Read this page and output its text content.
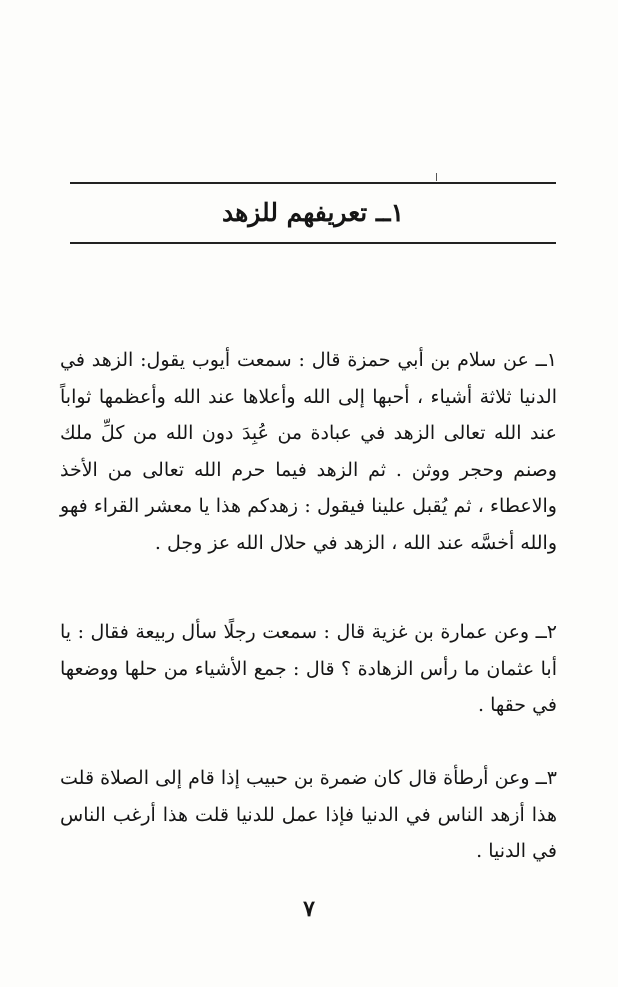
١ــ تعريفهم للزهد

١ــ عن سلام بن أبي حمزة قال : سمعت أيوب يقول: الزهد في الدنيا ثلاثة أشياء ، أحبها إلى الله وأعلاها عند الله وأعظمها ثواباً عند الله تعالى الزهد في عبادة من عُبِدَ دون الله من كلِّ ملك وصنم وحجر ووثن . ثم الزهد فيما حرم الله تعالى من الأخذ والاعطاء ، ثم يُقبل علينا فيقول : زهدكم هذا يا معشر القراء فهو والله أخسَّه عند الله ، الزهد في حلال الله عز وجل .

٢ــ وعن عمارة بن غزية قال : سمعت رجلًا سأل ربيعة فقال : يا أبا عثمان ما رأس الزهادة ؟ قال : جمع الأشياء من حلها ووضعها في حقها .

٣ــ وعن أرطأة قال كان ضمرة بن حبيب إذا قام إلى الصلاة قلت هذا أزهد الناس في الدنيا فإذا عمل للدنيا قلت هذا أرغب الناس في الدنيا .

٧
